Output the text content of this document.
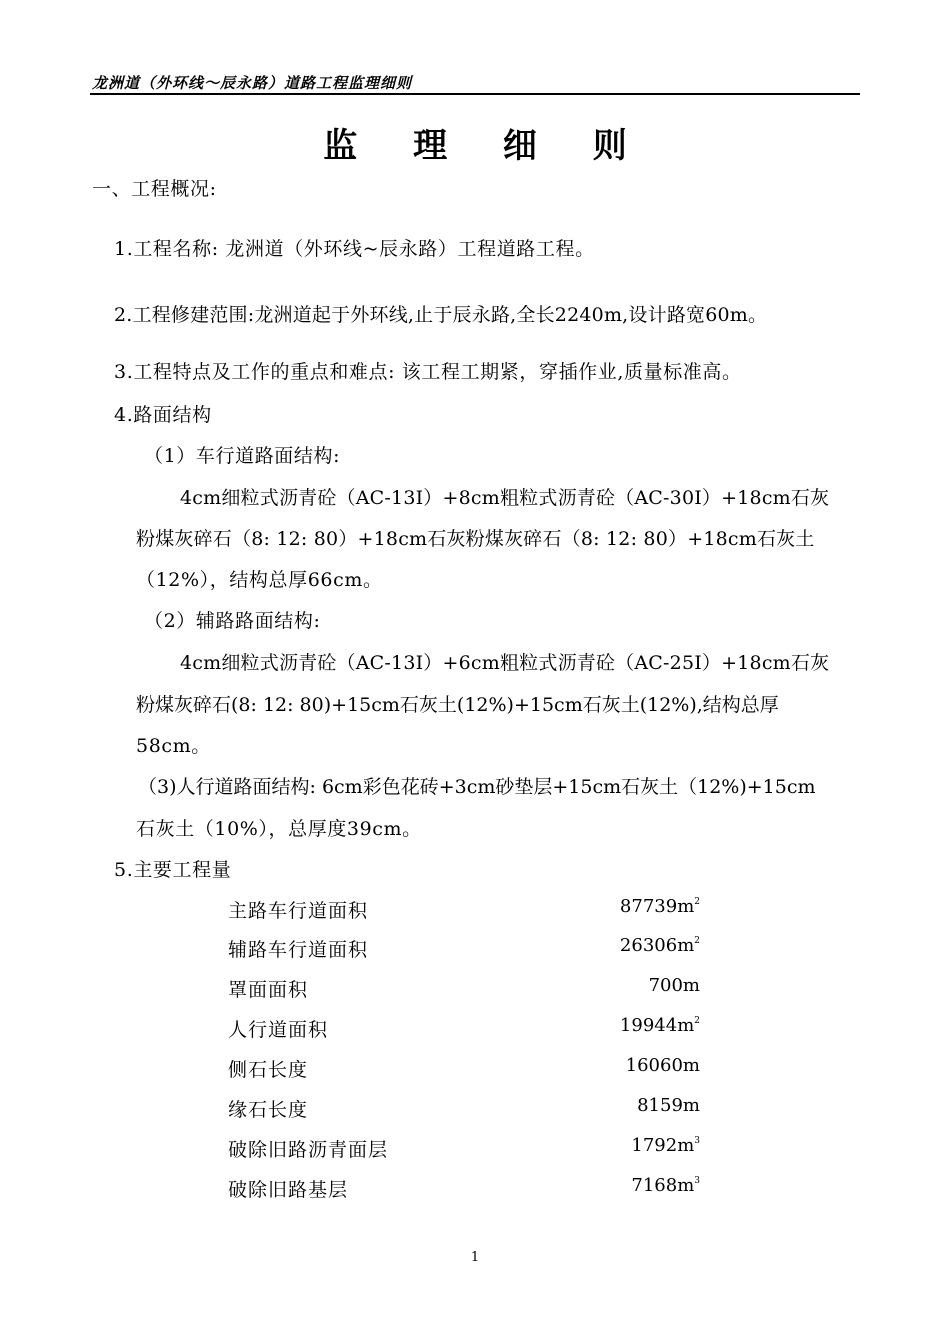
龙洲道（外环线～辰永路）道路工程监理细则
监 理 细 则
一、工程概况:
1.工程名称: 龙洲道（外环线~辰永路）工程道路工程。
2.工程修建范围:龙洲道起于外环线,止于辰永路,全长2240m,设计路宽60m。
3.工程特点及工作的重点和难点: 该工程工期紧，穿插作业,质量标准高。
4.路面结构
（1）车行道路面结构:
4cm细粒式沥青砼（AC-13Ⅰ）+8cm粗粒式沥青砼（AC-30Ⅰ）+18cm石灰
粉煤灰碎石（8: 12: 80）+18cm石灰粉煤灰碎石（8: 12: 80）+18cm石灰土
（12%），结构总厚66cm。
（2）辅路路面结构:
4cm细粒式沥青砼（AC-13Ⅰ）+6cm粗粒式沥青砼（AC-25Ⅰ）+18cm石灰
粉煤灰碎石(8: 12: 80)+15cm石灰土(12%)+15cm石灰土(12%),结构总厚
58cm。
（3)人行道路面结构: 6cm彩色花砖+3cm砂垫层+15cm石灰土（12%)+15cm
石灰土（10%），总厚度39cm。
5.主要工程量
主路车行道面积	$87739m^2$
辅路车行道面积	$26306m^2$
罩面面积	700m
人行道面积	$19944m^2$
侧石长度	16060m
缘石长度	8159m
破除旧路沥青面层	$1792m^3$
破除旧路基层	$7168m^3$
1
